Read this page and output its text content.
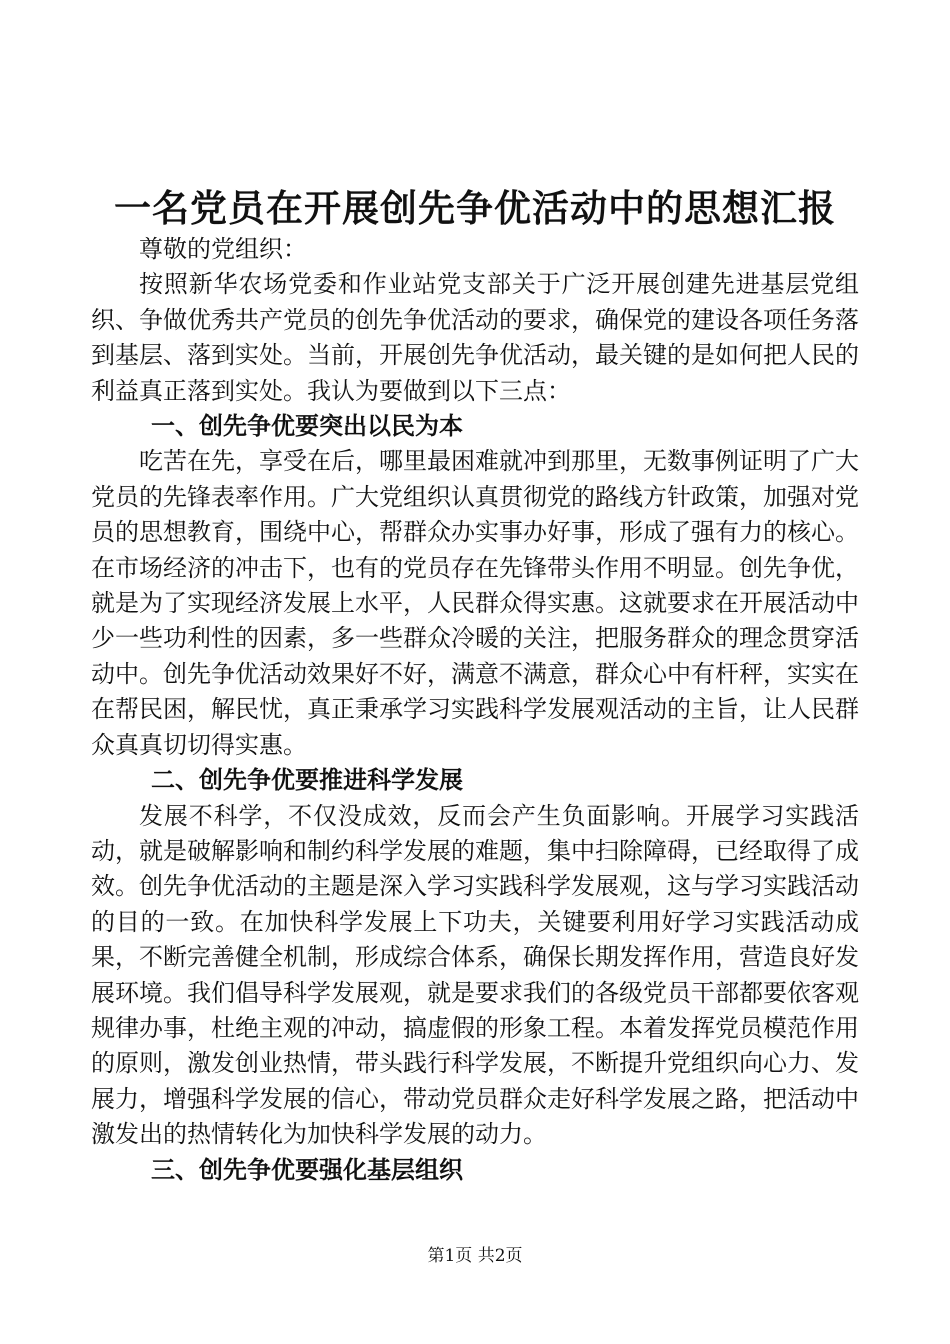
一名党员在开展创先争优活动中的思想汇报

尊敬的党组织：

按照新华农场党委和作业站党支部关于广泛开展创建先进基层党组织、争做优秀共产党员的创先争优活动的要求，确保党的建设各项任务落到基层、落到实处。当前，开展创先争优活动，最关键的是如何把人民的利益真正落到实处。我认为要做到以下三点：

一、创先争优要突出以民为本

吃苦在先，享受在后，哪里最困难就冲到那里，无数事例证明了广大党员的先锋表率作用。广大党组织认真贯彻党的路线方针政策，加强对党员的思想教育，围绕中心，帮群众办实事办好事，形成了强有力的核心。在市场经济的冲击下，也有的党员存在先锋带头作用不明显。创先争优，就是为了实现经济发展上水平，人民群众得实惠。这就要求在开展活动中少一些功利性的因素，多一些群众冷暖的关注，把服务群众的理念贯穿活动中。创先争优活动效果好不好，满意不满意，群众心中有杆秤，实实在在帮民困，解民忧，真正秉承学习实践科学发展观活动的主旨，让人民群众真真切切得实惠。

二、创先争优要推进科学发展

发展不科学，不仅没成效，反而会产生负面影响。开展学习实践活动，就是破解影响和制约科学发展的难题，集中扫除障碍，已经取得了成效。创先争优活动的主题是深入学习实践科学发展观，这与学习实践活动的目的一致。在加快科学发展上下功夫，关键要利用好学习实践活动成果，不断完善健全机制，形成综合体系，确保长期发挥作用，营造良好发展环境。我们倡导科学发展观，就是要求我们的各级党员干部都要依客观规律办事，杜绝主观的冲动，搞虚假的形象工程。本着发挥党员模范作用的原则，激发创业热情，带头践行科学发展，不断提升党组织向心力、发展力，增强科学发展的信心，带动党员群众走好科学发展之路，把活动中激发出的热情转化为加快科学发展的动力。

三、创先争优要强化基层组织
第1页 共2页
